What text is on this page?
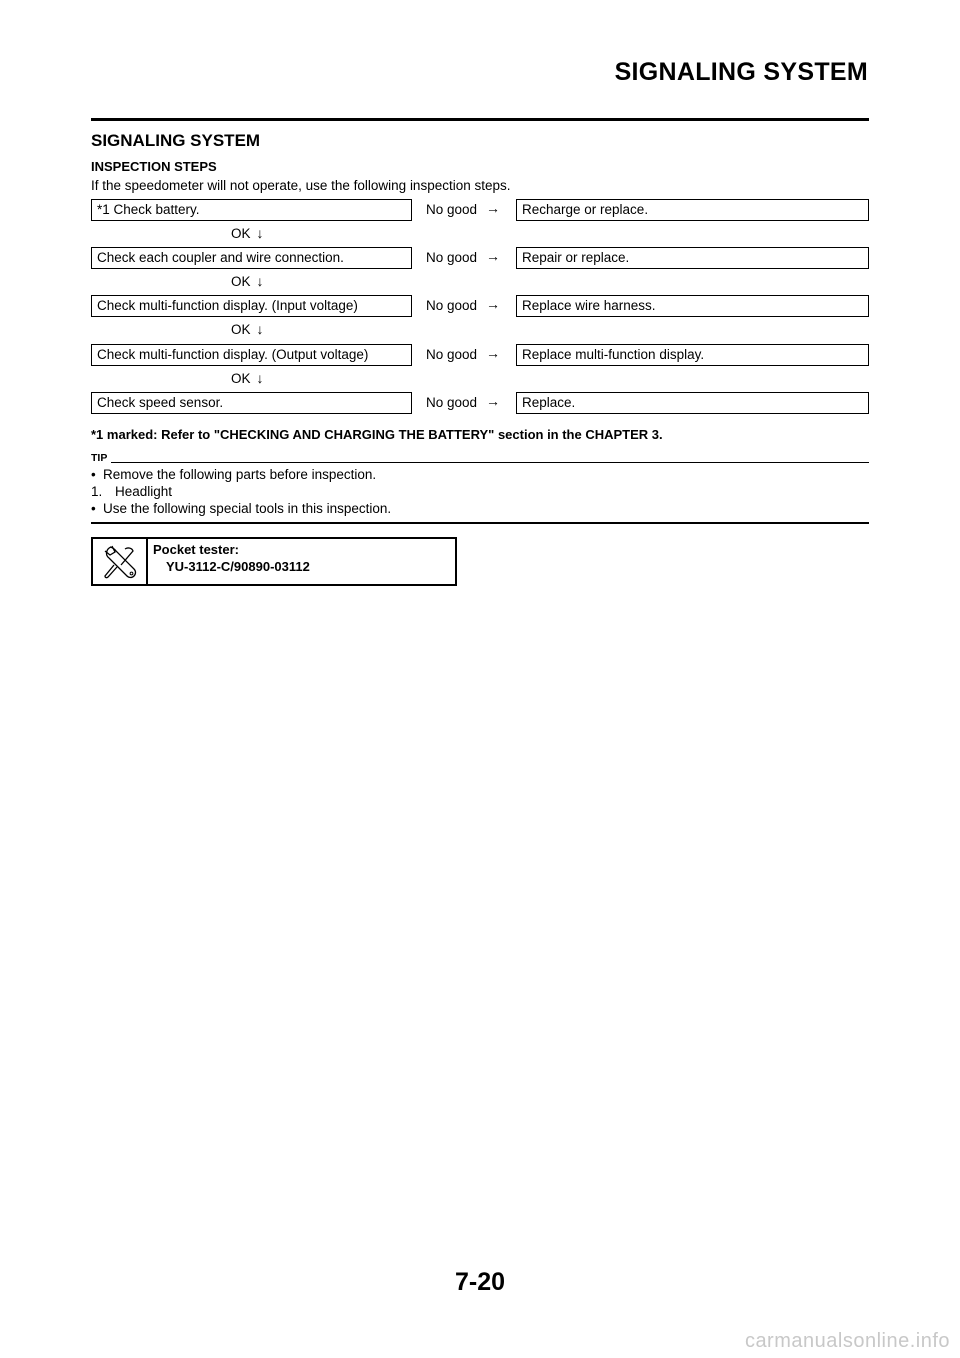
SIGNALING SYSTEM
SIGNALING SYSTEM

INSPECTION STEPS

If the speedometer will not operate, use the following inspection steps.

*1 Check battery.	No good →	Recharge or replace.
OK ↓
Check each coupler and wire connection.	No good →	Repair or replace.
OK ↓
Check multi-function display. (Input voltage)	No good →	Replace wire harness.
OK ↓
Check multi-function display. (Output voltage)	No good →	Replace multi-function display.
OK ↓
Check speed sensor.	No good →	Replace.

*1 marked: Refer to "CHECKING AND CHARGING THE BATTERY" section in the CHAPTER 3.

TIP

• Remove the following parts before inspection.

1. Headlight

• Use the following special tools in this inspection.

Pocket tester:
YU-3112-C/90890-03112
7-20
carmanualsonline.info
